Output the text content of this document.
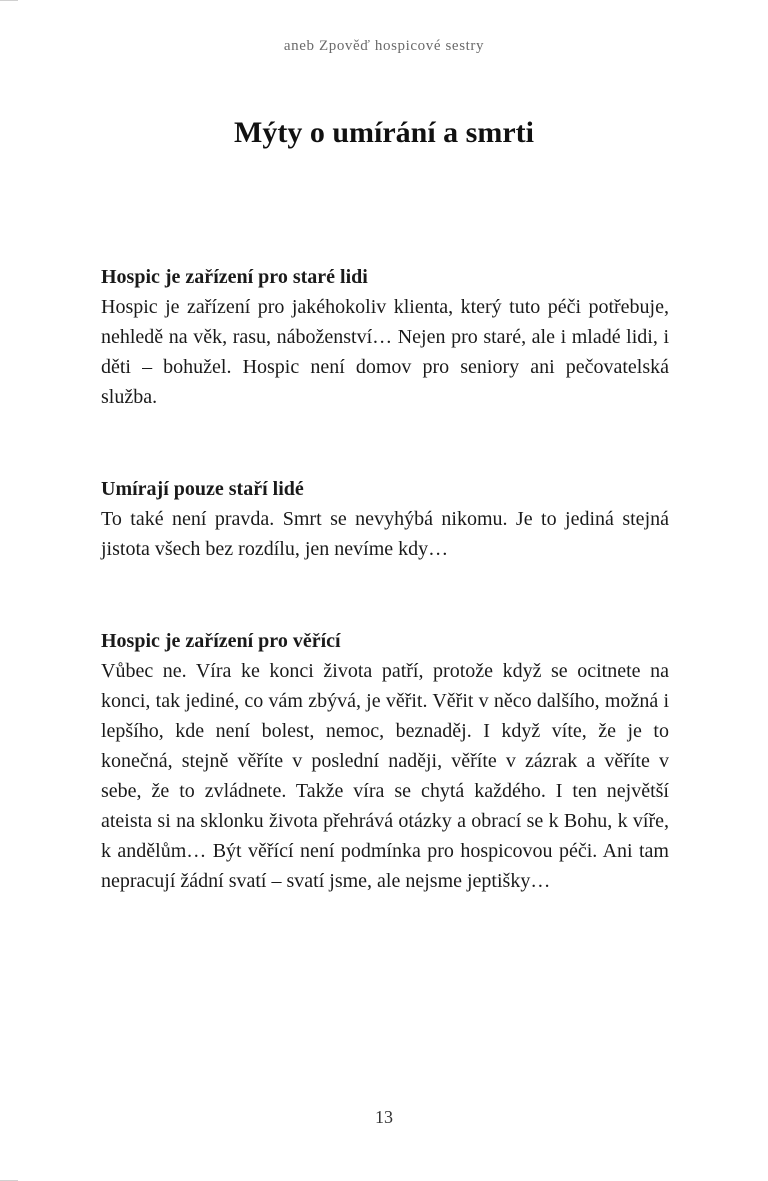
aneb Zpověď hospicové sestry
Mýty o umírání a smrti

Hospic je zařízení pro staré lidi

Hospic je zařízení pro jakéhokoliv klienta, který tuto péči potřebuje, nehledě na věk, rasu, náboženství… Nejen pro staré, ale i mladé lidi, i děti – bohužel. Hospic není domov pro seniory ani pečovatelská služba.

Umírají pouze staří lidé

To také není pravda. Smrt se nevyhýbá nikomu. Je to jediná stejná jistota všech bez rozdílu, jen nevíme kdy…

Hospic je zařízení pro věřící

Vůbec ne. Víra ke konci života patří, protože když se ocitnete na konci, tak jediné, co vám zbývá, je věřit. Věřit v něco dalšího, možná i lepšího, kde není bolest, nemoc, beznaděj. I když víte, že je to konečná, stejně věříte v poslední naději, věříte v zázrak a věříte v sebe, že to zvládnete. Takže víra se chytá každého. I ten největší ateista si na sklonku života přehrává otázky a obrací se k Bohu, k víře, k andělům… Být věřící není podmínka pro hospicovou péči. Ani tam nepracují žádní svatí – svatí jsme, ale nejsme jeptišky…

13
